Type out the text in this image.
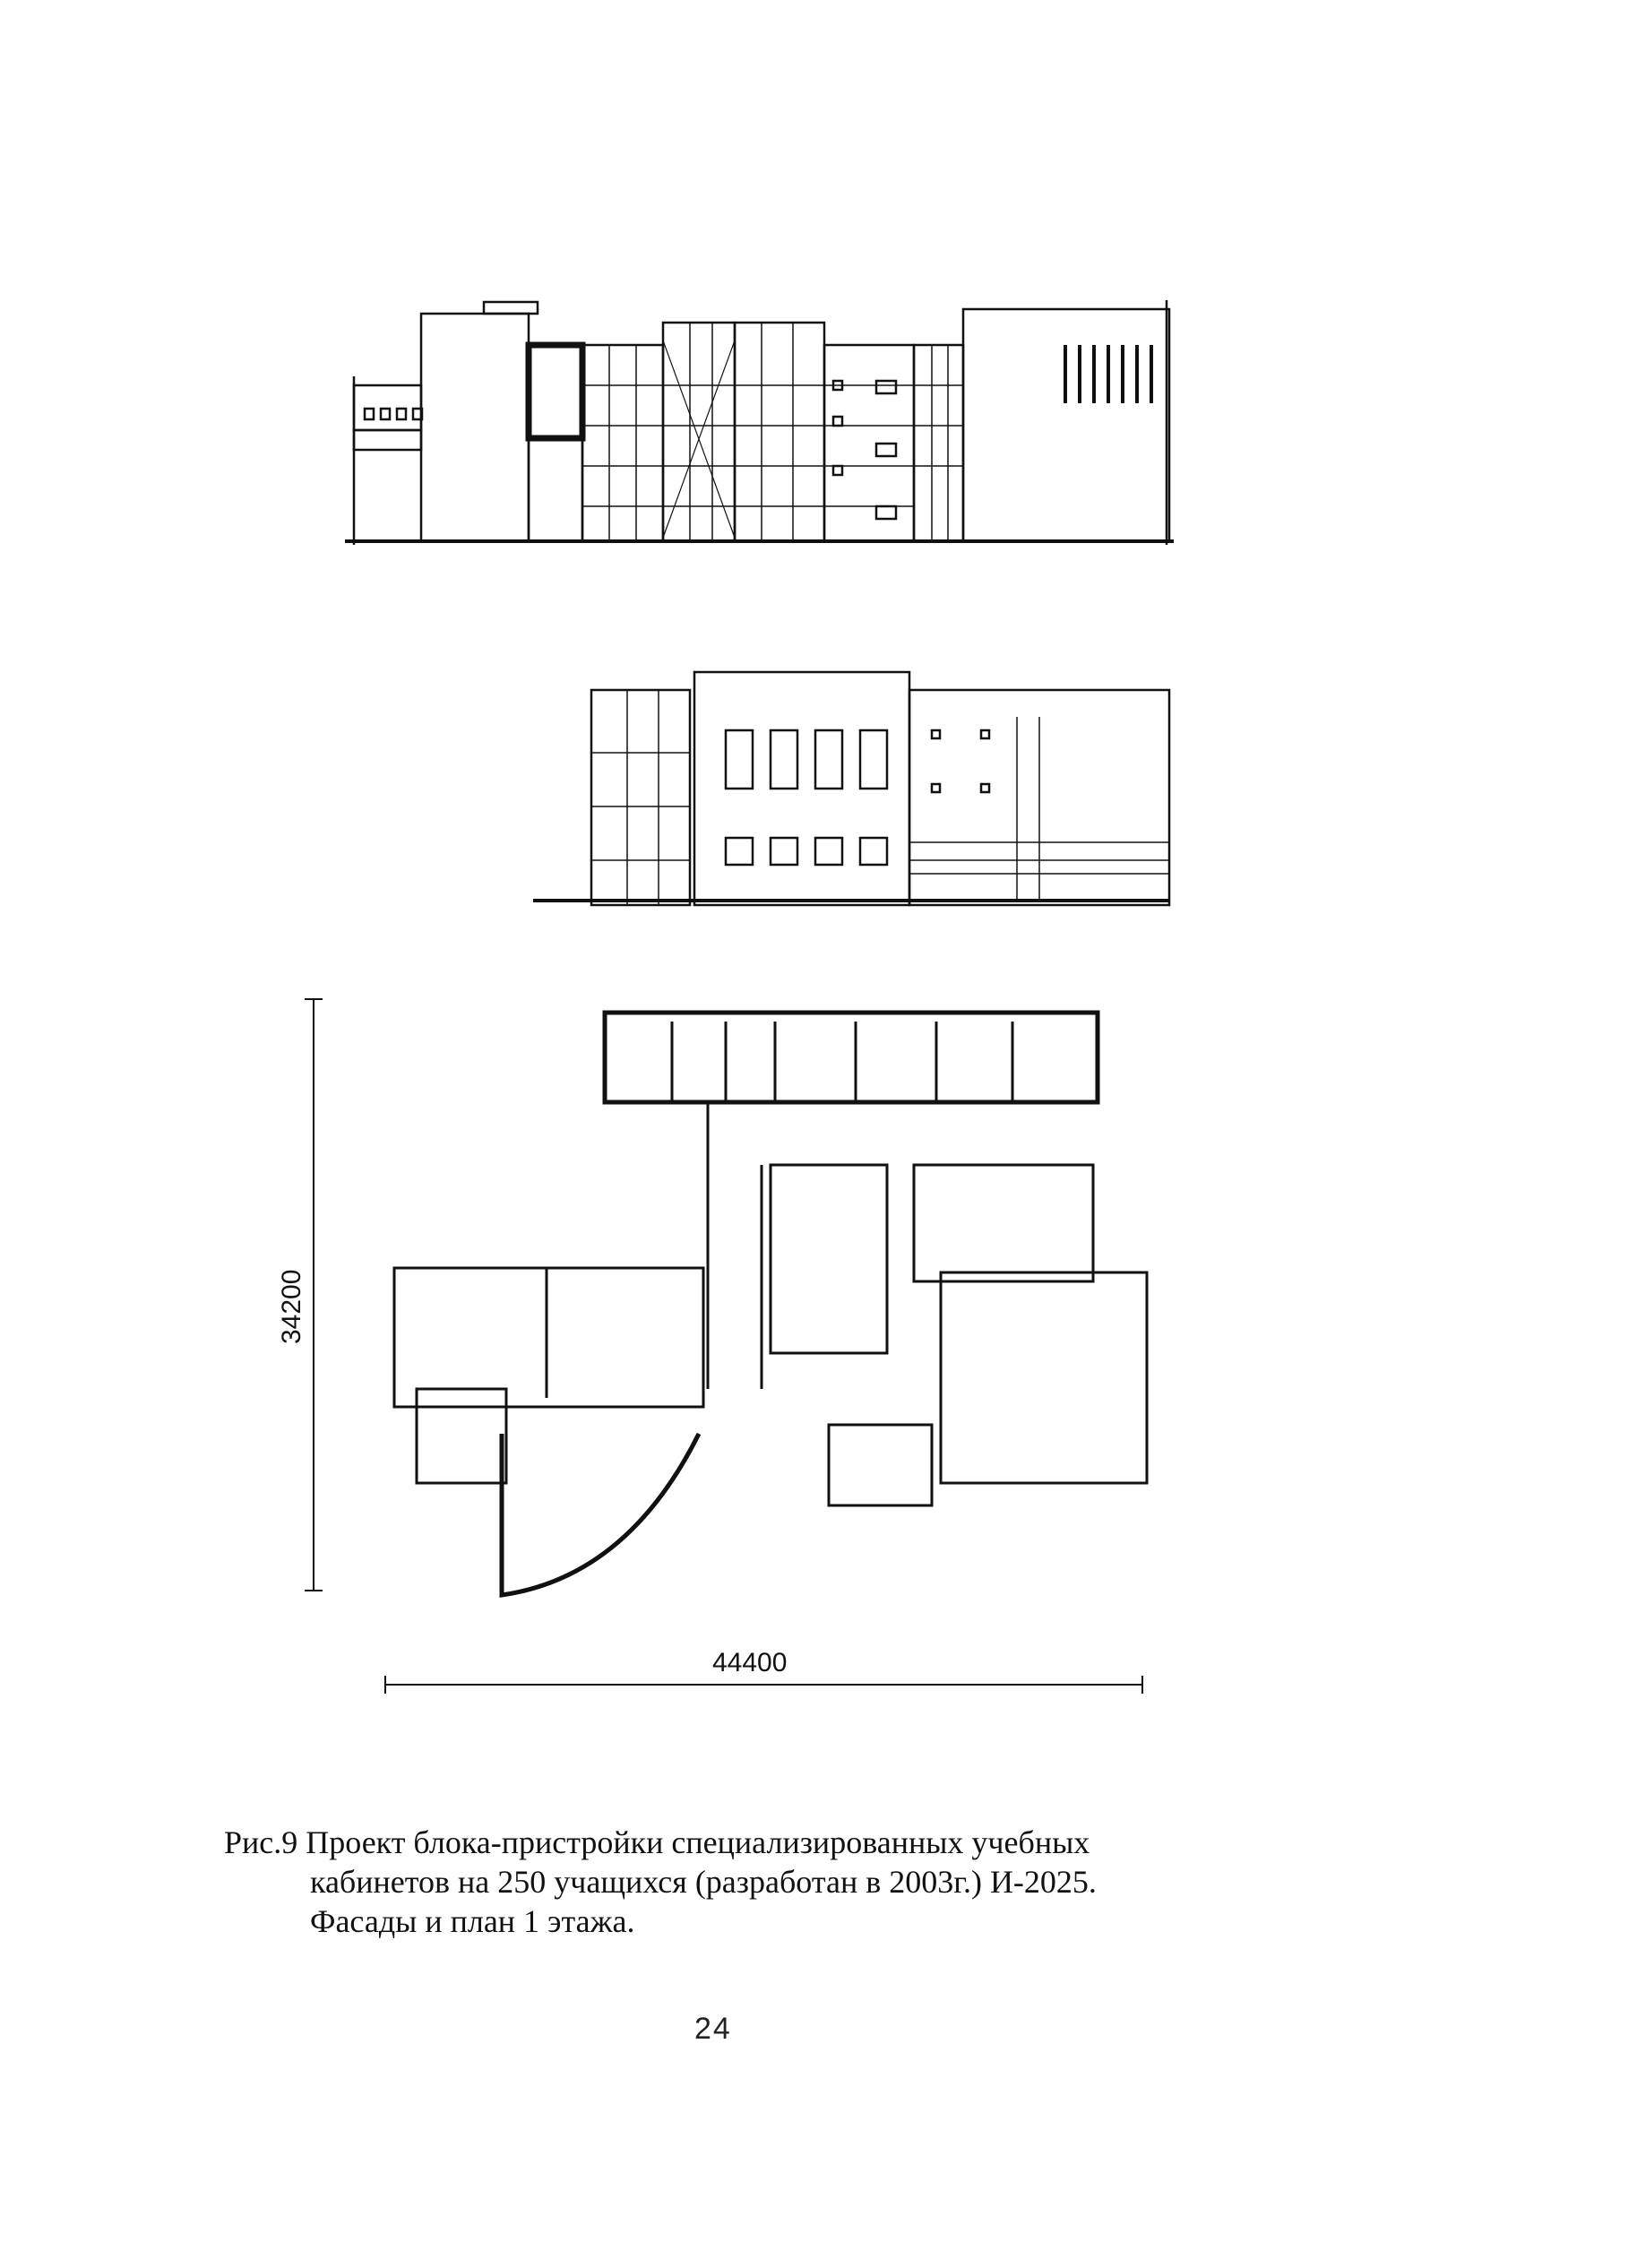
34200
44400
Рис.9 Проект блока-пристройки специализированных учебных
кабинетов на 250 учащихся (разработан в 2003г.) И-2025.
Фасады и план 1 этажа.
24
